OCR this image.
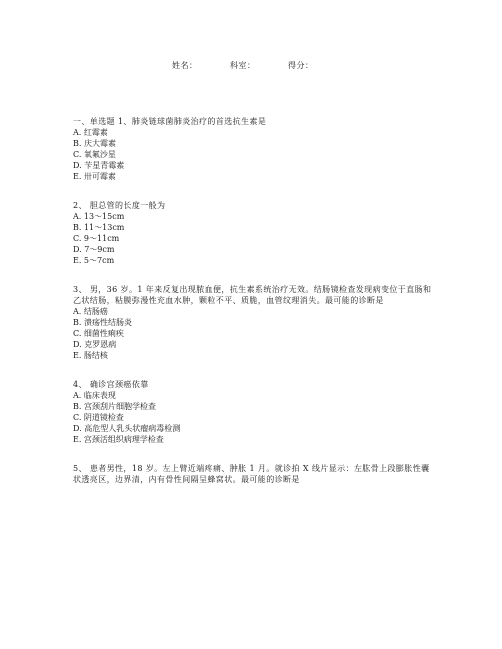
姓名：	科室：	得分：

一、单选题 1、肺炎链球菌肺炎治疗的首选抗生素是

A. 红霉素

B. 庆大霉素

C. 氧氟沙星

D. 苄星青霉素

E. 卅可霉素

2、 胆总管的长度一般为

A. 13～15cm

B. 11～13cm

C. 9～11cm

D. 7～9cm

E. 5～7cm

3、 男，36 岁。1 年来反复出现脓血便，抗生素系统治疗无效。结肠镜检查发现病变位于直肠和乙状结肠，粘膜弥漫性充血水肿，颗粒不平、质脆，血管纹理消失。最可能的诊断是

A. 结肠癌

B. 溃疡性结肠炎

C. 细菌性痢疾

D. 克罗恩病

E. 肠结核

4、 确诊宫颈癌依靠

A. 临床表现

B. 宫颈刮片细胞学检查

C. 阴道镜检查

D. 高危型人乳头状瘤病毒检测

E. 宫颈活组织病理学检查

5、 患者男性，18 岁。左上臂近端疼痛、肿胀 1 月。就诊拍 X 线片显示：左肱骨上段膨胀性囊状透亮区，边界清，内有骨性间隔呈蜂窝状。最可能的诊断是
